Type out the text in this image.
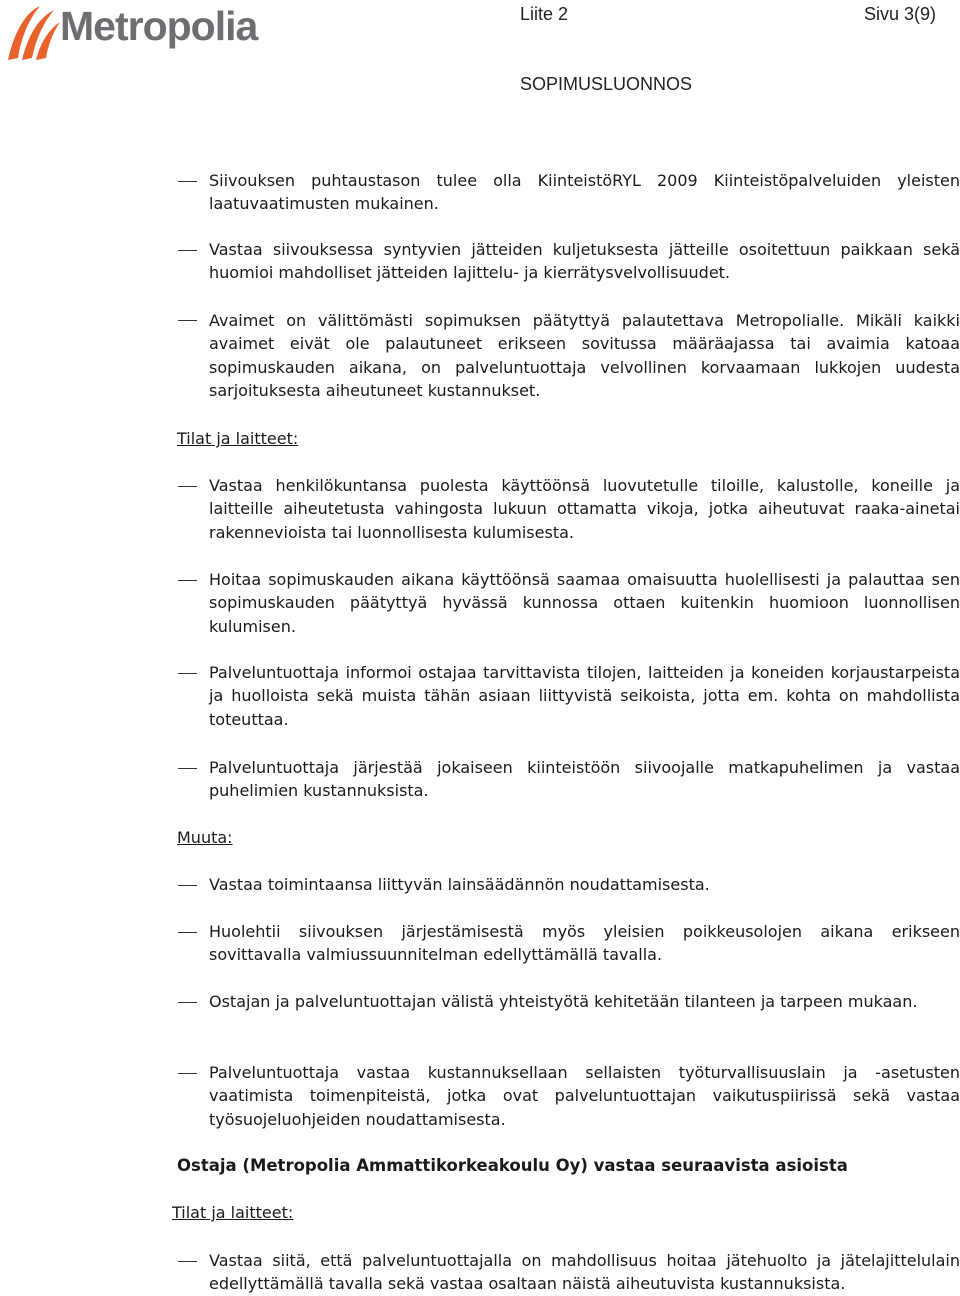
Metropolia	Liite 2	Sivu 3(9)
SOPIMUSLUONNOS

Siivouksen puhtaustason tulee olla KiinteistöRYL 2009 Kiinteistöpalveluiden yleisten laatuvaatimusten mukainen.

Vastaa siivouksessa syntyvien jätteiden kuljetuksesta jätteille osoitettuun paikkaan sekä huomioi mahdolliset jätteiden lajittelu- ja kierrätysvelvollisuudet.

Avaimet on välittömästi sopimuksen päätyttyä palautettava Metropolialle. Mikäli kaikki avaimet eivät ole palautuneet erikseen sovitussa määräajassa tai avaimia katoaa sopimuskauden aikana, on palveluntuottaja velvollinen korvaamaan lukkojen uudesta sarjoituksesta aiheutuneet kustannukset.

Tilat ja laitteet:

Vastaa henkilökuntansa puolesta käyttöönsä luovutetulle tiloille, kalustolle, koneille ja laitteille aiheutetusta vahingosta lukuun ottamatta vikoja, jotka aiheutuvat raaka-ainetai rakennevioista tai luonnollisesta kulumisesta.

Hoitaa sopimuskauden aikana käyttöönsä saamaa omaisuutta huolellisesti ja palauttaa sen sopimuskauden päätyttyä hyvässä kunnossa ottaen kuitenkin huomioon luonnollisen kulumisen.

Palveluntuottaja informoi ostajaa tarvittavista tilojen, laitteiden ja koneiden korjaustarpeista ja huolloista sekä muista tähän asiaan liittyvistä seikoista, jotta em. kohta on mahdollista toteuttaa.

Palveluntuottaja järjestää jokaiseen kiinteistöön siivoojalle matkapuhelimen ja vastaa puhelimien kustannuksista.

Muuta:

Vastaa toimintaansa liittyvän lainsäädännön noudattamisesta.

Huolehtii siivouksen järjestämisestä myös yleisien poikkeusolojen aikana erikseen sovittavalla valmiussuunnitelman edellyttämällä tavalla.

Ostajan ja palveluntuottajan välistä yhteistyötä kehitetään tilanteen ja tarpeen mukaan.

Palveluntuottaja vastaa kustannuksellaan sellaisten työturvallisuuslain ja -asetusten vaatimista toimenpiteistä, jotka ovat palveluntuottajan vaikutuspiirissä sekä vastaa työsuojeluohjeiden noudattamisesta.

Ostaja (Metropolia Ammattikorkeakoulu Oy) vastaa seuraavista asioista
Tilat ja laitteet:

Vastaa siitä, että palveluntuottajalla on mahdollisuus hoitaa jätehuolto ja jätelajittelulain edellyttämällä tavalla sekä vastaa osaltaan näistä aiheutuvista kustannuksista.
